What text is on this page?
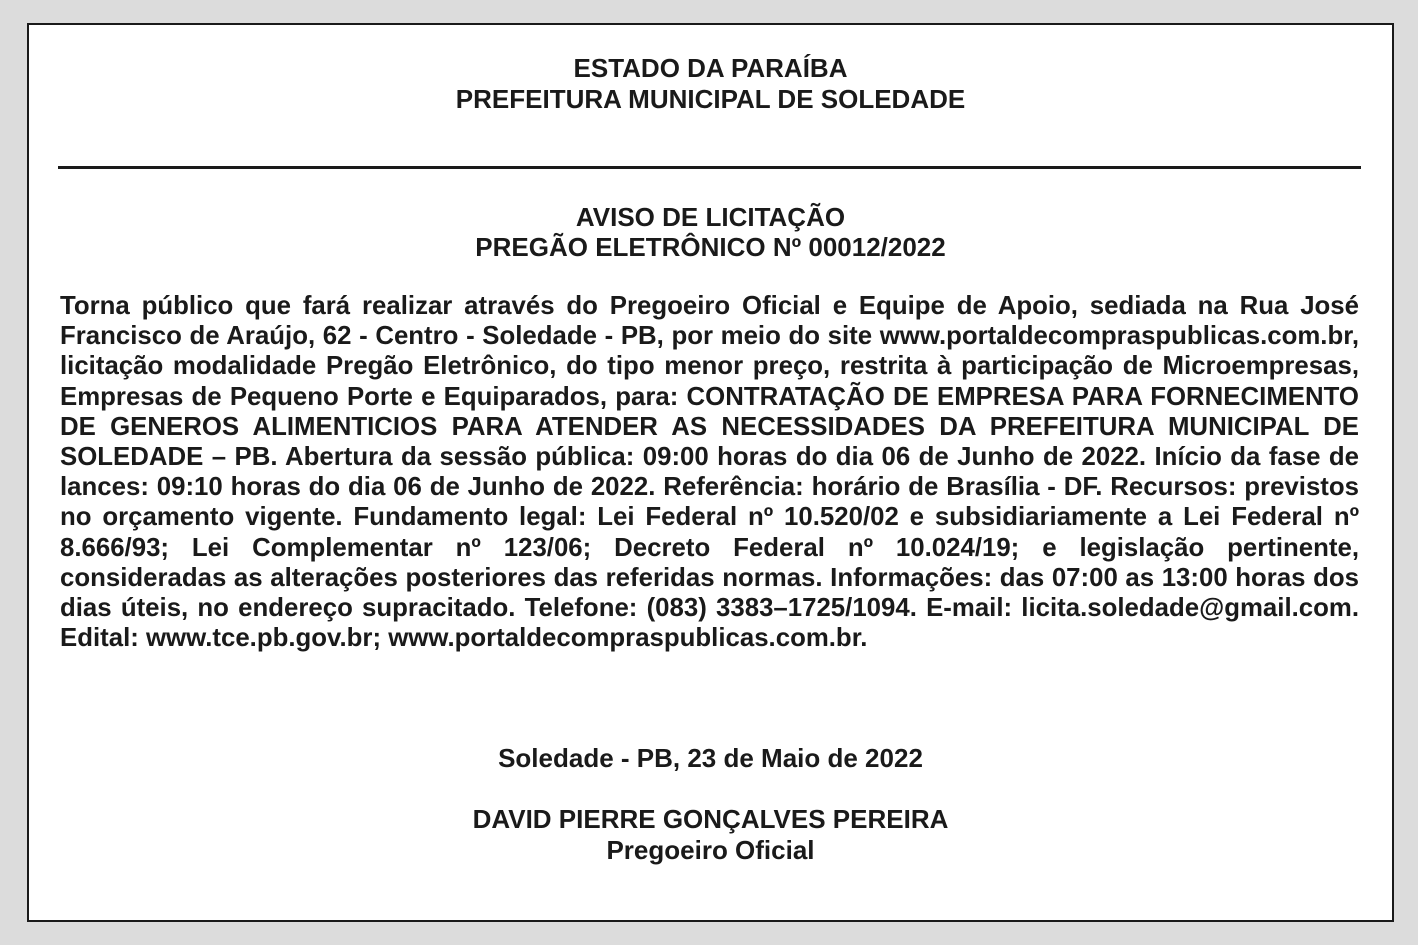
ESTADO DA PARAÍBA
PREFEITURA MUNICIPAL DE SOLEDADE
AVISO DE LICITAÇÃO
PREGÃO ELETRÔNICO Nº 00012/2022

Torna público que fará realizar através do Pregoeiro Oficial e Equipe de Apoio, sediada na Rua José Francisco de Araújo, 62 - Centro - Soledade - PB, por meio do site www.portaldecompraspublicas.com.br, licitação modalidade Pregão Eletrônico, do tipo menor preço, restrita à participação de Microempresas, Empresas de Pequeno Porte e Equiparados, para: CONTRATAÇÃO DE EMPRESA PARA FORNECIMENTO DE GENEROS ALIMENTICIOS PARA ATENDER AS NECESSIDADES DA PREFEITURA MUNICIPAL DE SOLEDADE – PB. Abertura da sessão pública: 09:00 horas do dia 06 de Junho de 2022. Início da fase de lances: 09:10 horas do dia 06 de Junho de 2022. Referência: horário de Brasília - DF. Recursos: previstos no orçamento vigente. Fundamento legal: Lei Federal nº 10.520/02 e subsidiariamente a Lei Federal nº 8.666/93; Lei Complementar nº 123/06; Decreto Federal nº 10.024/19; e legislação pertinente, consideradas as alterações posteriores das referidas normas. Informações: das 07:00 as 13:00 horas dos dias úteis, no endereço supracitado. Telefone: (083) 3383–1725/1094. E-mail: licita.soledade@gmail.com. Edital: www.tce.pb.gov.br; www.portaldecompraspublicas.com.br.

Soledade - PB, 23 de Maio de 2022
DAVID PIERRE GONÇALVES PEREIRA
Pregoeiro Oficial
